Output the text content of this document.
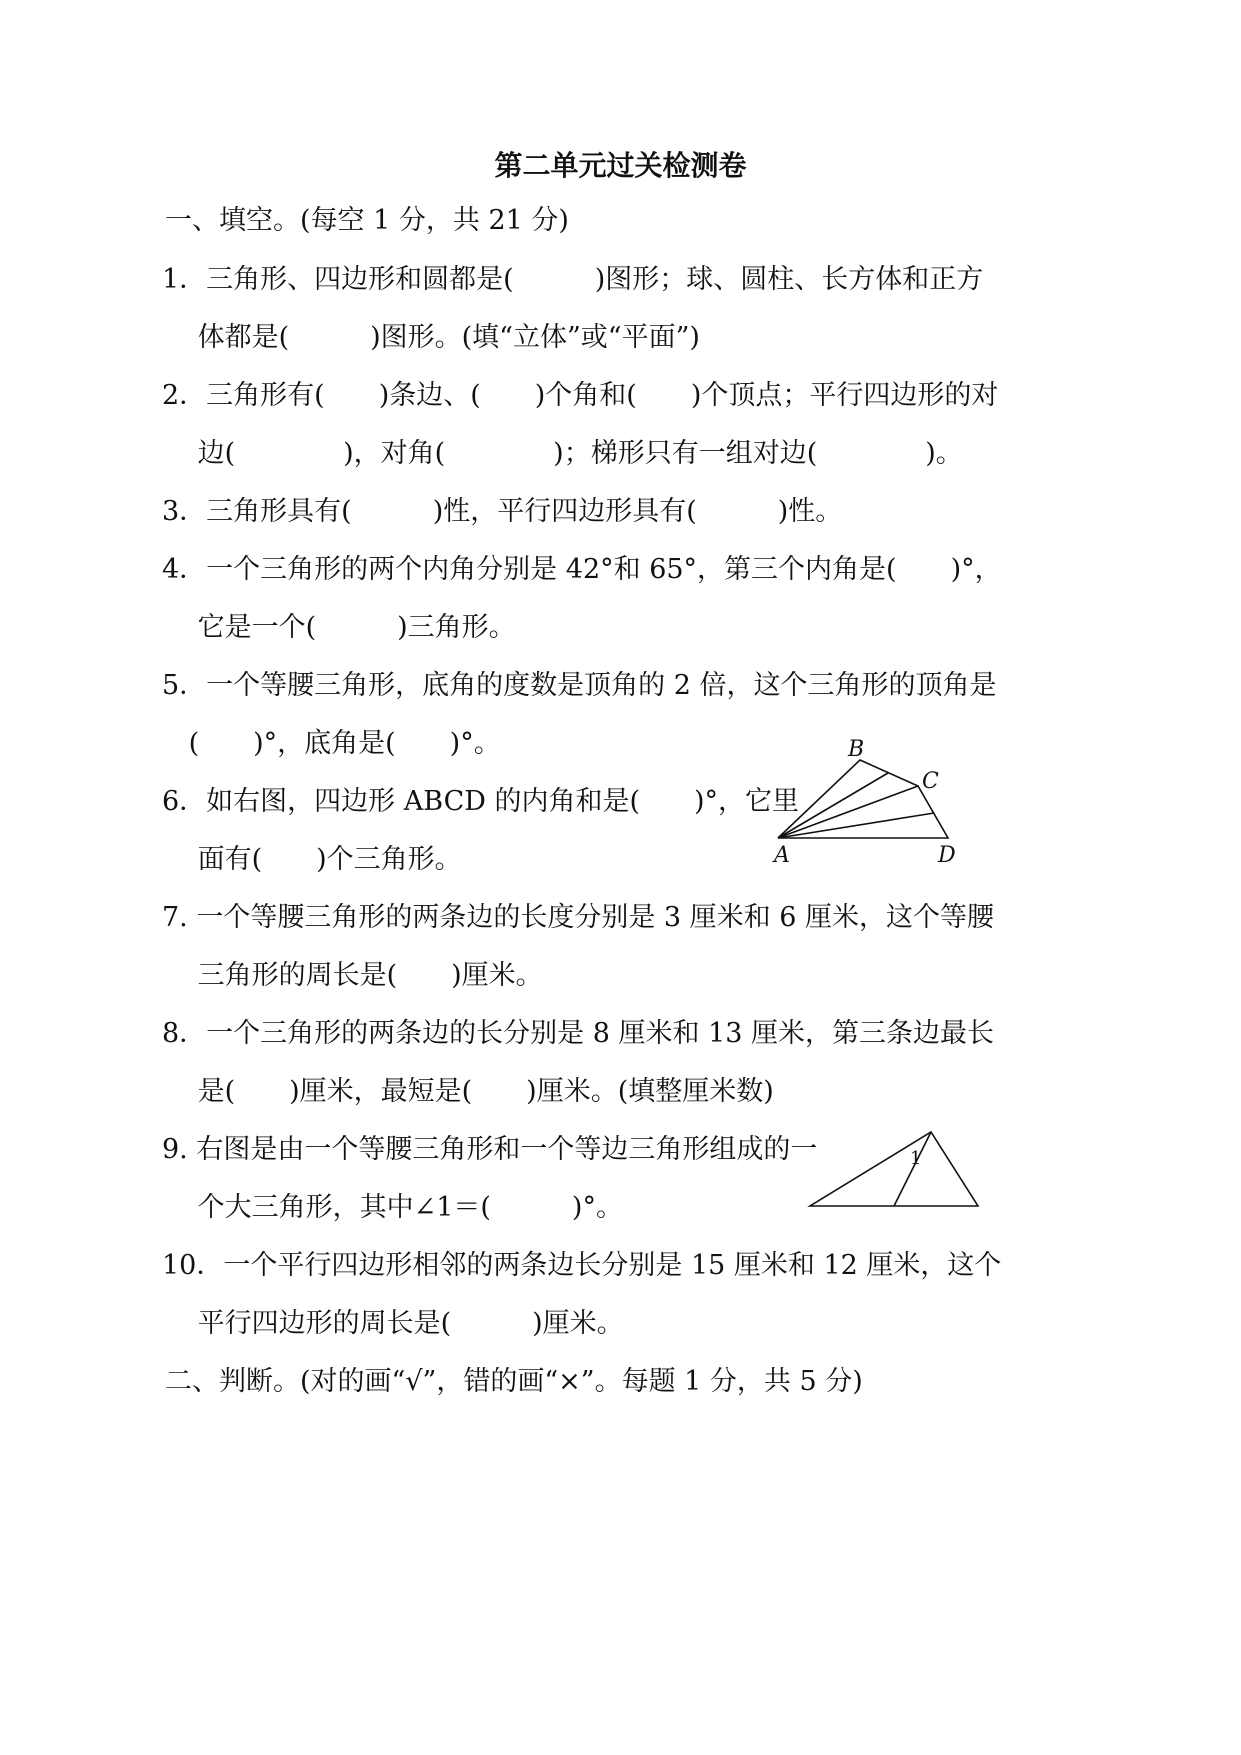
第二单元过关检测卷
一、填空。(每空 1 分，共 21 分)
1．三角形、四边形和圆都是(　　　)图形；球、圆柱、长方体和正方
　 体都是(　　　)图形。(填“立体”或“平面”)
2．三角形有(　　)条边、(　　)个角和(　　)个顶点；平行四边形的对
　 边(　　　　)，对角(　　　　)；梯形只有一组对边(　　　　)。
3．三角形具有(　　　)性，平行四边形具有(　　　)性。
4．一个三角形的两个内角分别是 42°和 65°，第三个内角是(　　)°，
　 它是一个(　　　)三角形。
5．一个等腰三角形，底角的度数是顶角的 2 倍，这个三角形的顶角是
(　　)°，底角是(　　)°。
6．如右图，四边形 ABCD 的内角和是(　　)°，它里
　 面有(　　)个三角形。
7. 一个等腰三角形的两条边的长度分别是 3 厘米和 6 厘米，这个等腰
　 三角形的周长是(　　)厘米。
8．一个三角形的两条边的长分别是 8 厘米和 13 厘米，第三条边最长
　 是(　　)厘米，最短是(　　)厘米。(填整厘米数)
9. 右图是由一个等腰三角形和一个等边三角形组成的一
　 个大三角形，其中∠1＝(　　　)°。
10．一个平行四边形相邻的两条边长分别是 15 厘米和 12 厘米，这个
　 平行四边形的周长是(　　　)厘米。
二、判断。(对的画“√”，错的画“×”。每题 1 分，共 5 分)
B
C
A	D
1
